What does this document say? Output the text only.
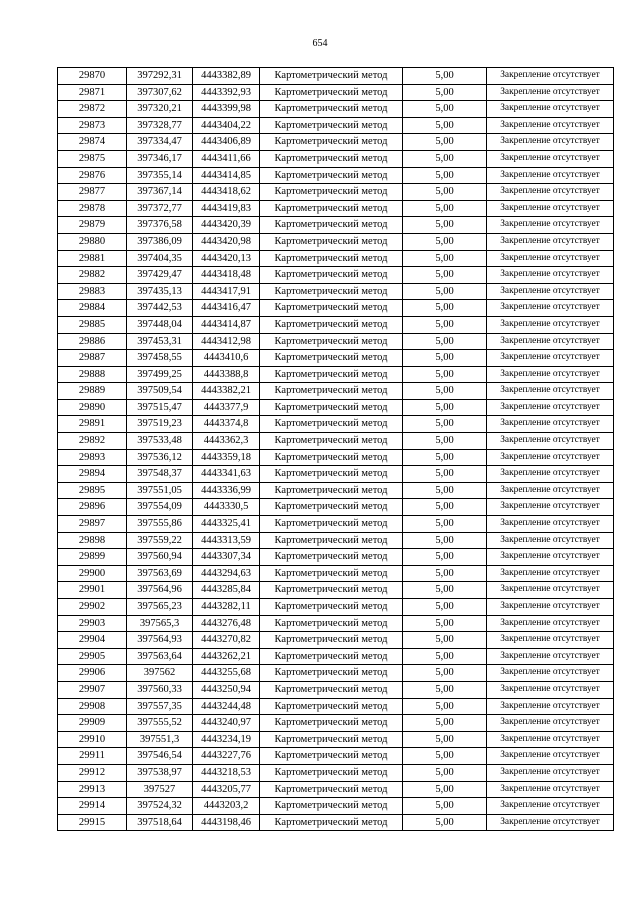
654
29870	397292,31	4443382,89	Картометрический метод	5,00	Закрепление отсутствует
29871	397307,62	4443392,93	Картометрический метод	5,00	Закрепление отсутствует
29872	397320,21	4443399,98	Картометрический метод	5,00	Закрепление отсутствует
29873	397328,77	4443404,22	Картометрический метод	5,00	Закрепление отсутствует
29874	397334,47	4443406,89	Картометрический метод	5,00	Закрепление отсутствует
29875	397346,17	4443411,66	Картометрический метод	5,00	Закрепление отсутствует
29876	397355,14	4443414,85	Картометрический метод	5,00	Закрепление отсутствует
29877	397367,14	4443418,62	Картометрический метод	5,00	Закрепление отсутствует
29878	397372,77	4443419,83	Картометрический метод	5,00	Закрепление отсутствует
29879	397376,58	4443420,39	Картометрический метод	5,00	Закрепление отсутствует
29880	397386,09	4443420,98	Картометрический метод	5,00	Закрепление отсутствует
29881	397404,35	4443420,13	Картометрический метод	5,00	Закрепление отсутствует
29882	397429,47	4443418,48	Картометрический метод	5,00	Закрепление отсутствует
29883	397435,13	4443417,91	Картометрический метод	5,00	Закрепление отсутствует
29884	397442,53	4443416,47	Картометрический метод	5,00	Закрепление отсутствует
29885	397448,04	4443414,87	Картометрический метод	5,00	Закрепление отсутствует
29886	397453,31	4443412,98	Картометрический метод	5,00	Закрепление отсутствует
29887	397458,55	4443410,6	Картометрический метод	5,00	Закрепление отсутствует
29888	397499,25	4443388,8	Картометрический метод	5,00	Закрепление отсутствует
29889	397509,54	4443382,21	Картометрический метод	5,00	Закрепление отсутствует
29890	397515,47	4443377,9	Картометрический метод	5,00	Закрепление отсутствует
29891	397519,23	4443374,8	Картометрический метод	5,00	Закрепление отсутствует
29892	397533,48	4443362,3	Картометрический метод	5,00	Закрепление отсутствует
29893	397536,12	4443359,18	Картометрический метод	5,00	Закрепление отсутствует
29894	397548,37	4443341,63	Картометрический метод	5,00	Закрепление отсутствует
29895	397551,05	4443336,99	Картометрический метод	5,00	Закрепление отсутствует
29896	397554,09	4443330,5	Картометрический метод	5,00	Закрепление отсутствует
29897	397555,86	4443325,41	Картометрический метод	5,00	Закрепление отсутствует
29898	397559,22	4443313,59	Картометрический метод	5,00	Закрепление отсутствует
29899	397560,94	4443307,34	Картометрический метод	5,00	Закрепление отсутствует
29900	397563,69	4443294,63	Картометрический метод	5,00	Закрепление отсутствует
29901	397564,96	4443285,84	Картометрический метод	5,00	Закрепление отсутствует
29902	397565,23	4443282,11	Картометрический метод	5,00	Закрепление отсутствует
29903	397565,3	4443276,48	Картометрический метод	5,00	Закрепление отсутствует
29904	397564,93	4443270,82	Картометрический метод	5,00	Закрепление отсутствует
29905	397563,64	4443262,21	Картометрический метод	5,00	Закрепление отсутствует
29906	397562	4443255,68	Картометрический метод	5,00	Закрепление отсутствует
29907	397560,33	4443250,94	Картометрический метод	5,00	Закрепление отсутствует
29908	397557,35	4443244,48	Картометрический метод	5,00	Закрепление отсутствует
29909	397555,52	4443240,97	Картометрический метод	5,00	Закрепление отсутствует
29910	397551,3	4443234,19	Картометрический метод	5,00	Закрепление отсутствует
29911	397546,54	4443227,76	Картометрический метод	5,00	Закрепление отсутствует
29912	397538,97	4443218,53	Картометрический метод	5,00	Закрепление отсутствует
29913	397527	4443205,77	Картометрический метод	5,00	Закрепление отсутствует
29914	397524,32	4443203,2	Картометрический метод	5,00	Закрепление отсутствует
29915	397518,64	4443198,46	Картометрический метод	5,00	Закрепление отсутствует
